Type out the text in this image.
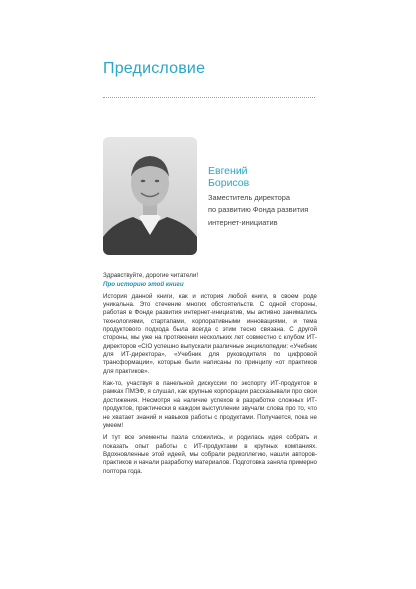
Предисловие

Евгений

Борисов

Заместитель директора

по развитию Фонда развития

интернет-инициатив

Здравствуйте, дорогие читатели!

Про историю этой книги

История данной книги, как и история любой книги, в своем роде уникальна. Это стечение многих обстоятельств. С одной стороны, работая в Фонде развития интернет-инициатив, мы активно занимались технологиями, стартапами, корпоративными инновациями, и тема продуктового подхода была всегда с этим тесно связана. С другой стороны, мы уже на протяжении нескольких лет совместно с клубом ИТ-директоров «CIO успешно выпускали различные энциклопедии: «Учебник для ИТ-директора», «Учебник для руководителя по цифровой трансформации», которые были написаны по принципу «от практиков для практиков».

Как-то, участвуя в панельной дискуссии по экспорту ИТ-продуктов в рамках ПМЭФ, я слушал, как крупные корпорации рассказывали про свои достижения. Несмотря на наличие успехов в разработке сложных ИТ-продуктов, практически в каждом выступлении звучали слова про то, что не хватает знаний и навыков работы с продуктами. Получается, пока не умеем!

И тут все элементы пазла сложились, и родилась идея собрать и показать опыт работы с ИТ-продуктами в крупных компаниях. Вдохновленные этой идеей, мы собрали редколлегию, нашли авторов-практиков и начали разработку материалов. Подготовка заняла примерно полтора года.
